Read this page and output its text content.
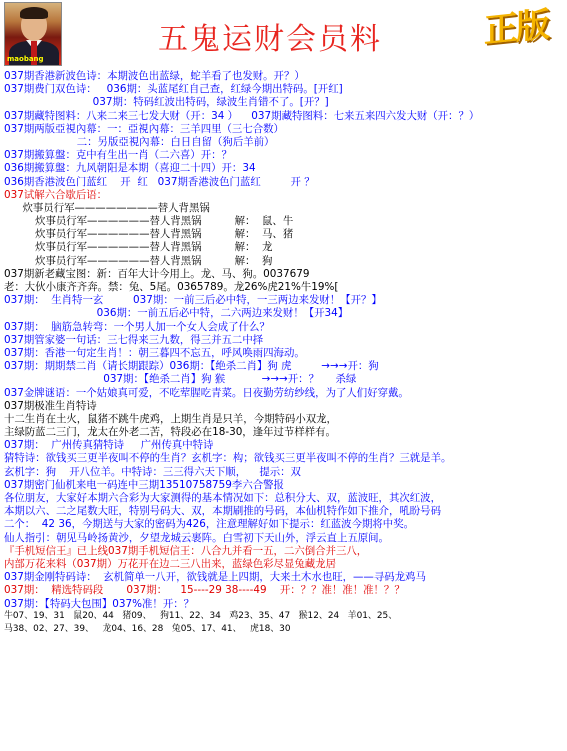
maobang
五鬼运财会员料	正版
037期香港新波色诗：本期波色出蓝绿，蛇羊看了也发财。开？）
037期费门双色诗：   036期：头蓝尾红自己查，红绿今期出特码。[开红]
037期：特码红波出特码，绿波生肖错不了。[开？]
037期藏特图料：八来二来三七发大财（开：34 ）    037期藏特图料：七来五来四六发大财（开：？）
037期两版亞視內幕：一：亞視內幕：三羊四里（三七合数）
二：另版亞視內幕：白日自留（狗后羊前）
037期搬算盤：克中有生出一肖（二六喜）开：？
036期搬算盤：九风朝阳是本期（喜迎二十四）开：34
036期香港波色门蓝红    开  红   037期香港波色门蓝红         开 ？
037试解六合歇后语：
炊事员行军————————替人背黑锅
炊事员行军——————替人背黑锅          解：  鼠、牛
炊事员行军——————替人背黑锅          解：  马、猪
炊事员行军——————替人背黑锅          解：  龙
炊事员行军——————替人背黑锅          解：  狗
037期新老藏宝图：新：百年大计今用上。龙、马、狗。0037679
老：大伙小康齐齐奔。禁：兔、5尾。0365789。龙26%虎21%牛19%[
037期：  生肖特一玄         037期：一前三后必中特，一三两边来发财！【开？】
036期：一前五后必中特，二六两边来发财！【开34】
037期：  脑筋急转弯：一个男人加一个女人会成了什么？
037期管家婆一句话：三七得来三九数，得三并五二中择
037期：香港一句定生肖！：朝三暮四不忘五，呼风唤雨四海动。
037期：期期禁二肖（请长期跟踪）036期：【绝杀二肖】狗 虎         →→→开：狗
037期：【绝杀二肖】狗 猴           →→→开：？     杀绿
037金牌谜语：一个姑娘真可爱，不吃荤腥吃青菜。日夜勤劳纺纱线，为了人们好穿戴。
037期极准生肖特诗
十二生肖在土火，鼠猪不跳牛虎鸡，上期生肖是只羊，今期特码小双龙，
主绿防蓝二三门，龙太在外老二苦，特段必在18-30，逢年过节样样有。
037期：  广州传真猜特诗     广州传真中特诗
猜特诗：欲钱买三更半夜叫不停的生肖？玄机字：构；欲钱买三更半夜叫不停的生肖？三就是羊。
玄机字：狗    开八位羊。中特诗：三三得六天下顺，    提示：双
037期密门仙机来电一码连中三期13510758759李六合警报
各位朋友，大家好本期六合彩为大家测得的基本情况如下：总积分大、双，蓝波旺，其次红波，
本期以六、二之尾数大旺，特别号码大、双，本期刷推的号码，本仙机特作如下推介，吼盼号码
二个：  42 36，今期送与大家的密码为426，注意理解好如下提示：红蓝波今期将中奖。
仙人指引：朝见马岭扬黄沙，夕望龙城云裹阵。白雪初下天山外，浮云直上五原间。
『手机短信王』已上线037期手机短信王：八合九并看一五，二六倒合并三八，
内部万花来料（037期）万花开在边二三八出来，蓝绿色彩尽显兔藏龙居
037期金刚特码诗：  玄机简单一八开，欲钱就是上四期，大来土木水也旺，——寻码龙鸡马
037期：  精选特码段       037期：    15----29 38----49    开：？？准！准！准！？？
037期：【特码大包围】037%准！开：？
牛07、19、31   鼠20、44   猪09、   狗11、22、34   鸡23、35、47   猴12、24   羊01、25、
马38、02、27、39、   龙04、16、28   兔05、17、41、   虎18、30
